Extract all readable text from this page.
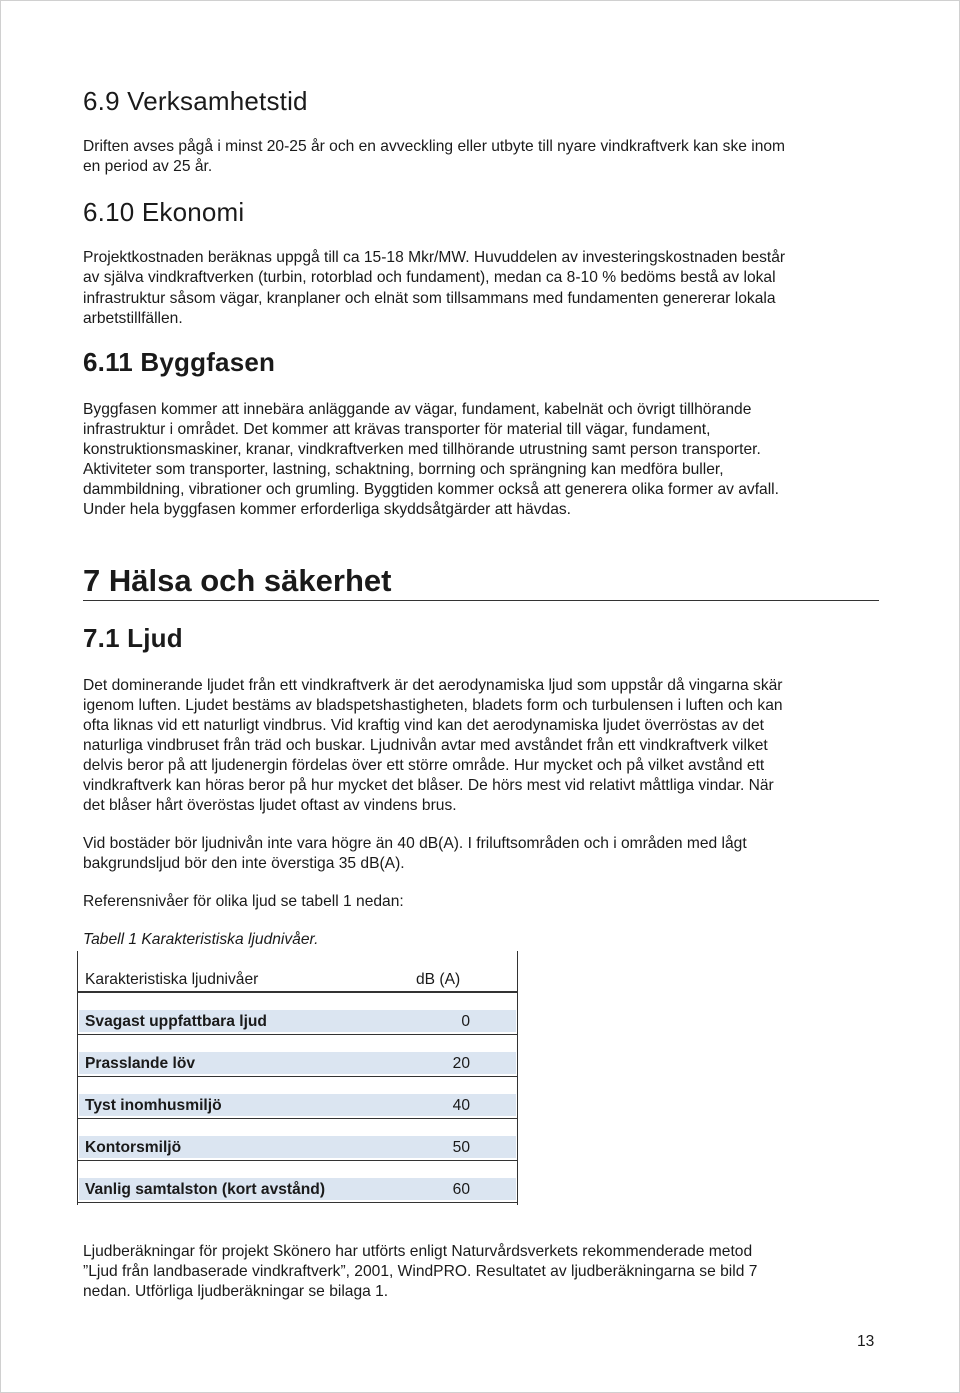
6.9 Verksamhetstid

Driften avses pågå i minst 20-25 år och en avveckling eller utbyte till nyare vindkraftverk kan ske inom

en period av 25 år.

6.10 Ekonomi

Projektkostnaden beräknas uppgå till ca 15-18 Mkr/MW. Huvuddelen av investeringskostnaden består

av själva vindkraftverken (turbin, rotorblad och fundament), medan ca 8-10 % bedöms bestå av lokal

infrastruktur såsom vägar, kranplaner och elnät som tillsammans med fundamenten genererar lokala

arbetstillfällen.

6.11 Byggfasen

Byggfasen kommer att innebära anläggande av vägar, fundament, kabelnät och övrigt tillhörande

infrastruktur i området. Det kommer att krävas transporter för material till vägar, fundament,

konstruktionsmaskiner, kranar, vindkraftverken med tillhörande utrustning samt person transporter.

Aktiviteter som transporter, lastning, schaktning, borrning och sprängning kan medföra buller,

dammbildning, vibrationer och grumling. Byggtiden kommer också att generera olika former av avfall.

Under hela byggfasen kommer erforderliga skyddsåtgärder att hävdas.

7 Hälsa och säkerhet
7.1 Ljud

Det dominerande ljudet från ett vindkraftverk är det aerodynamiska ljud som uppstår då vingarna skär

igenom luften. Ljudet bestäms av bladspetshastigheten, bladets form och turbulensen i luften och kan

ofta liknas vid ett naturligt vindbrus. Vid kraftig vind kan det aerodynamiska ljudet överröstas av det

naturliga vindbruset från träd och buskar. Ljudnivån avtar med avståndet från ett vindkraftverk vilket

delvis beror på att ljudenergin fördelas över ett större område. Hur mycket och på vilket avstånd ett

vindkraftverk kan höras beror på hur mycket det blåser. De hörs mest vid relativt måttliga vindar. När

det blåser hårt överöstas ljudet oftast av vindens brus.

Vid bostäder bör ljudnivån inte vara högre än 40 dB(A). I friluftsområden och i områden med lågt

bakgrundsljud bör den inte överstiga 35 dB(A).

Referensnivåer för olika ljud se tabell 1 nedan:

Tabell 1 Karakteristiska ljudnivåer.

Karakteristiska ljudnivåer	dB (A)
Svagast uppfattbara ljud	0
Prasslande löv	20
Tyst inomhusmiljö	40
Kontorsmiljö	50
Vanlig samtalston (kort avstånd)	60

Ljudberäkningar för projekt Skönero har utförts enligt Naturvårdsverkets rekommenderade metod

”Ljud från landbaserade vindkraftverk”, 2001, WindPRO. Resultatet av ljudberäkningarna se bild 7

nedan. Utförliga ljudberäkningar se bilaga 1.

13
